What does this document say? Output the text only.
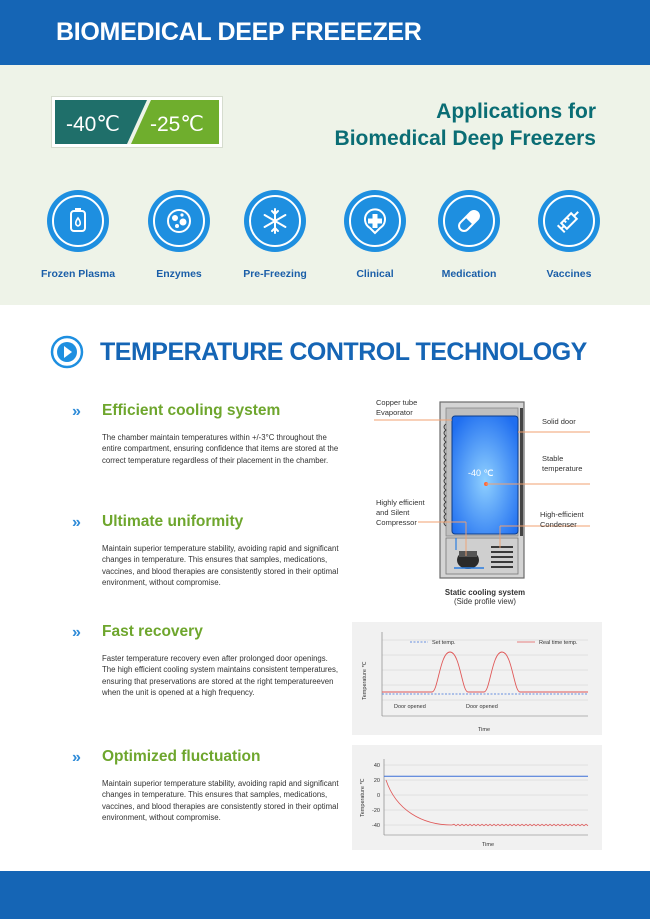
BIOMEDICAL DEEP FREEEZER
-40℃ -25℃
Applications for
Biomedical Deep Freezers
Frozen Plasma	Enzymes	Pre-Freezing	Clinical	Medication	Vaccines
TEMPERATURE CONTROL TECHNOLOGY
» Efficient cooling system

The chamber maintain temperatures within +/-3°C throughout the entire compartment, ensuring confidence that items are stored at the correct temperature regardless of their placement in the chamber.

» Ultimate uniformity

Maintain superior temperature stability, avoiding rapid and significant changes in temperature. This ensures that samples, medications, vaccines, and blood therapies are consistently stored in their optimal environment, without compromise.

» Fast recovery

Faster temperature recovery even after prolonged door openings. The high efficient cooling system maintains consistent temperatures, ensuring that preservations are stored at the right temperatureeven when the unit is opened at a high frequency.

» Optimized fluctuation

Maintain superior temperature stability, avoiding rapid and significant changes in temperature. This ensures that samples, medications, vaccines, and blood therapies are consistently stored in their optimal environment, without compromise.

Copper tube
Evaporator
Solid door
Stable
temperature
Highly efficient
and Silent
Compressor
High-efficient
Condenser
-40 ℃
Static cooling system
(Side profile view)
Set temp.	Real time temp.
Door opened	Door opened
Time
Temperature ℃
40
20
0
-20
-40
Time
Temperature ℃
